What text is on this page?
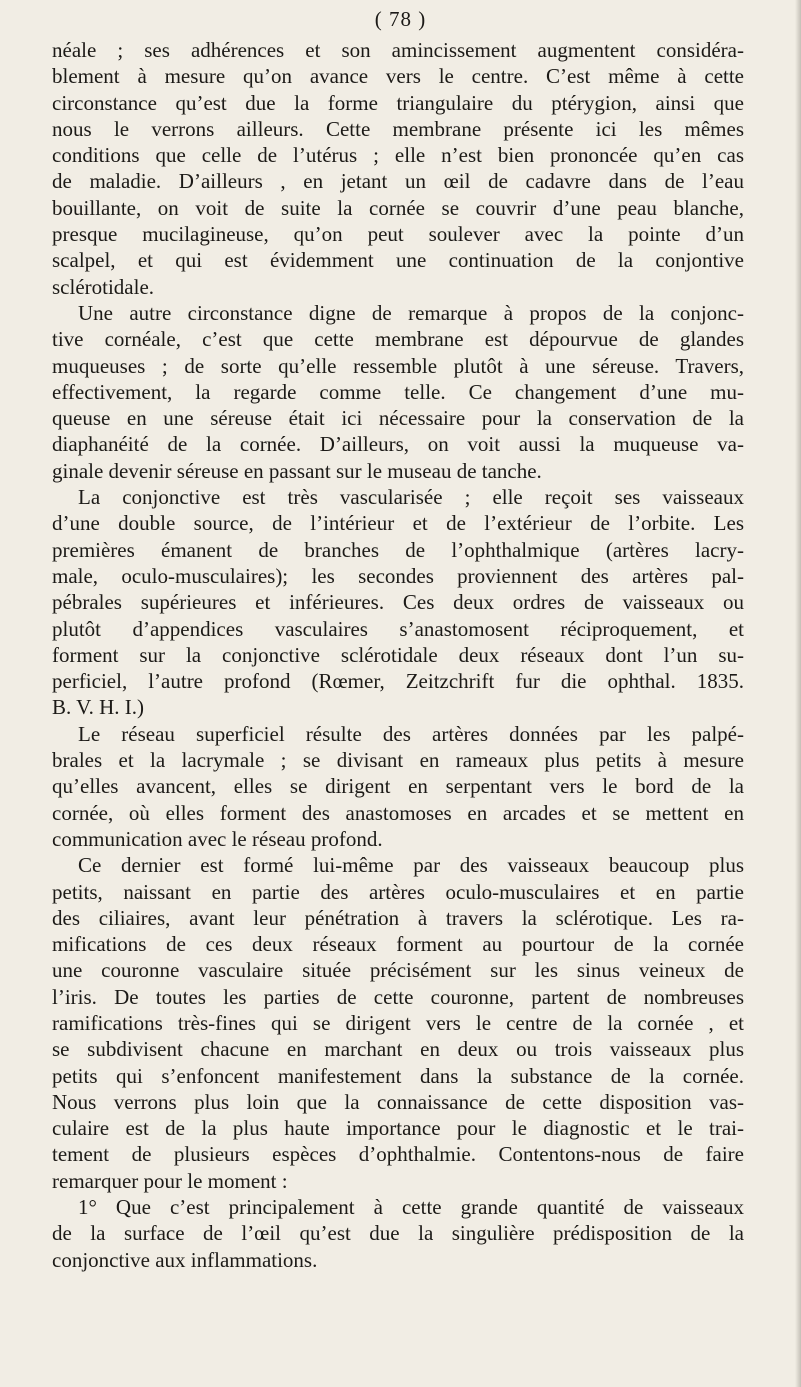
( 78 )
néale ; ses adhérences et son amincissement augmentent considéra-
blement à mesure qu’on avance vers le centre. C’est même à cette
circonstance qu’est due la forme triangulaire du ptérygion, ainsi que
nous le verrons ailleurs. Cette membrane présente ici les mêmes
conditions que celle de l’utérus ; elle n’est bien prononcée qu’en cas
de maladie. D’ailleurs , en jetant un œil de cadavre dans de l’eau
bouillante, on voit de suite la cornée se couvrir d’une peau blanche,
presque mucilagineuse, qu’on peut soulever avec la pointe d’un
scalpel, et qui est évidemment une continuation de la conjontive
sclérotidale.
Une autre circonstance digne de remarque à propos de la conjonc-
tive cornéale, c’est que cette membrane est dépourvue de glandes
muqueuses ; de sorte qu’elle ressemble plutôt à une séreuse. Travers,
effectivement, la regarde comme telle. Ce changement d’une mu-
queuse en une séreuse était ici nécessaire pour la conservation de la
diaphanéité de la cornée. D’ailleurs, on voit aussi la muqueuse va-
ginale devenir séreuse en passant sur le museau de tanche.
La conjonctive est très vascularisée ; elle reçoit ses vaisseaux
d’une double source, de l’intérieur et de l’extérieur de l’orbite. Les
premières émanent de branches de l’ophthalmique (artères lacry-
male, oculo-musculaires); les secondes proviennent des artères pal-
pébrales supérieures et inférieures. Ces deux ordres de vaisseaux ou
plutôt d’appendices vasculaires s’anastomosent réciproquement, et
forment sur la conjonctive sclérotidale deux réseaux dont l’un su-
perficiel, l’autre profond (Rœmer, Zeitzchrift fur die ophthal. 1835.
B. V. H. I.)
Le réseau superficiel résulte des artères données par les palpé-
brales et la lacrymale ; se divisant en rameaux plus petits à mesure
qu’elles avancent, elles se dirigent en serpentant vers le bord de la
cornée, où elles forment des anastomoses en arcades et se mettent en
communication avec le réseau profond.
Ce dernier est formé lui-même par des vaisseaux beaucoup plus
petits, naissant en partie des artères oculo-musculaires et en partie
des ciliaires, avant leur pénétration à travers la sclérotique. Les ra-
mifications de ces deux réseaux forment au pourtour de la cornée
une couronne vasculaire située précisément sur les sinus veineux de
l’iris. De toutes les parties de cette couronne, partent de nombreuses
ramifications très-fines qui se dirigent vers le centre de la cornée , et
se subdivisent chacune en marchant en deux ou trois vaisseaux plus
petits qui s’enfoncent manifestement dans la substance de la cornée.
Nous verrons plus loin que la connaissance de cette disposition vas-
culaire est de la plus haute importance pour le diagnostic et le trai-
tement de plusieurs espèces d’ophthalmie. Contentons-nous de faire
remarquer pour le moment :
1° Que c’est principalement à cette grande quantité de vaisseaux
de la surface de l’œil qu’est due la singulière prédisposition de la
conjonctive aux inflammations.
